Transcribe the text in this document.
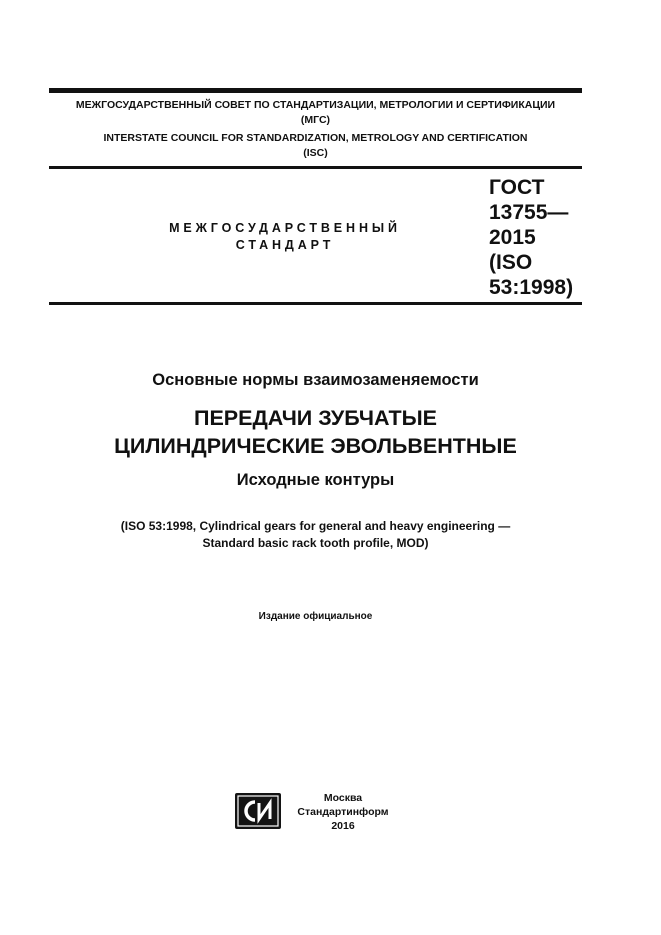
МЕЖГОСУДАРСТВЕННЫЙ СОВЕТ ПО СТАНДАРТИЗАЦИИ, МЕТРОЛОГИИ И СЕРТИФИКАЦИИ
(МГС)
INTERSTATE COUNCIL FOR STANDARDIZATION, METROLOGY AND CERTIFICATION
(ISC)
МЕЖГОСУДАРСТВЕННЫЙ
СТАНДАРТ
ГОСТ
13755—
2015
(ISO
53:1998)
Основные нормы взаимозаменяемости
ПЕРЕДАЧИ ЗУБЧАТЫЕ
ЦИЛИНДРИЧЕСКИЕ ЭВОЛЬВЕНТНЫЕ
Исходные контуры
(ISO 53:1998, Cylindrical gears for general and heavy engineering —
Standard basic rack tooth profile, MOD)
Издание официальное
Москва
Стандартинформ
2016
